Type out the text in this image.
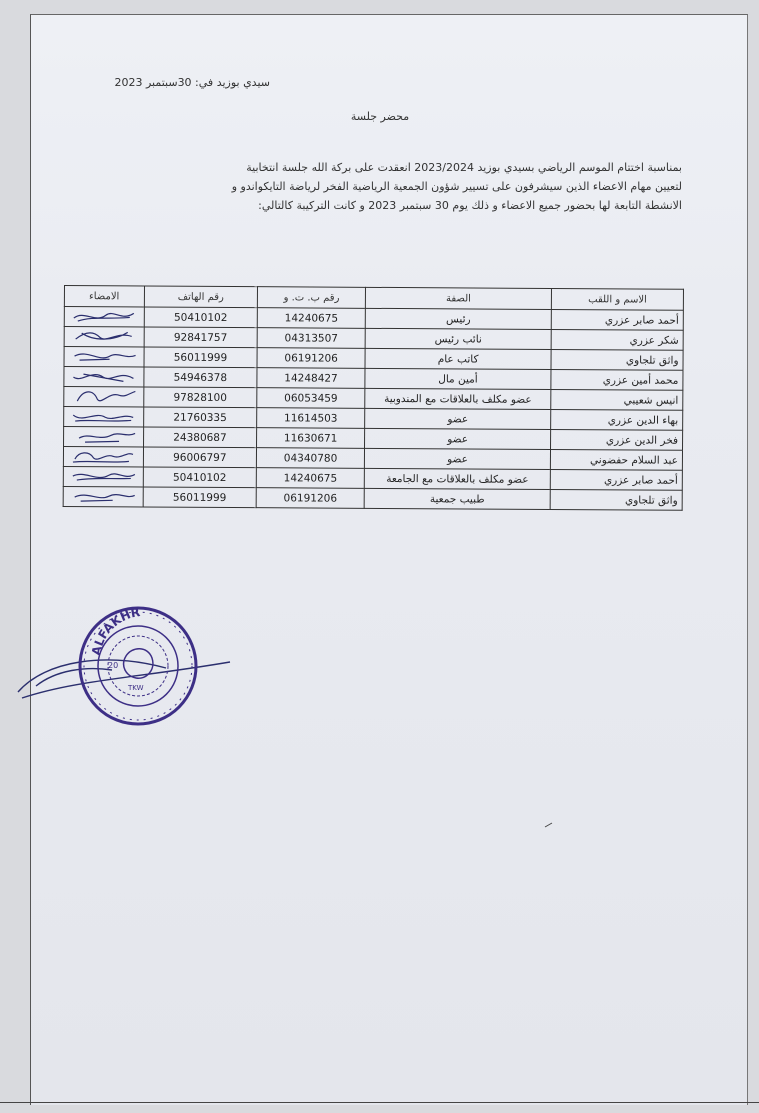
سيدي بوزيد في: 30سبتمبر 2023
محضر جلسة
بمناسبة اختتام الموسم الرياضي بسيدي بوزيد 2023/2024 انعقدت على بركة الله جلسة انتخابية
لتعيين مهام الاعضاء الذين سيشرفون على تسيير شؤون الجمعية الرياضية الفخر لرياضة التايكواندو و
الانشطة التابعة لها بحضور جميع الاعضاء و ذلك يوم 30 سبتمبر 2023 و كانت التركيبة كالتالي:
الاسم و اللقب	الصفة	رقم ب. ت. و	رقم الهاتف	الامضاء
أحمد صابر عزري	رئيس	14240675	50410102	

شكر عزري	نائب رئيس	04313507	92841757	

واثق تلجاوي	كاتب عام	06191206	56011999	

محمد أمين عزري	أمين مال	14248427	54946378	

انيس شعيبي	عضو مكلف بالعلاقات مع المندوبية	06053459	97828100	

بهاء الدين عزري	عضو	11614503	21760335	

فخر الدين عزري	عضو	11630671	24380687	

عبد السلام حفضوني	عضو	04340780	96006797	

أحمد صابر عزري	عضو مكلف بالعلاقات مع الجامعة	14240675	50410102	

واثق تلجاوي	طبيب جمعية	06191206	56011999	
ALFAKHR
20
TKW
